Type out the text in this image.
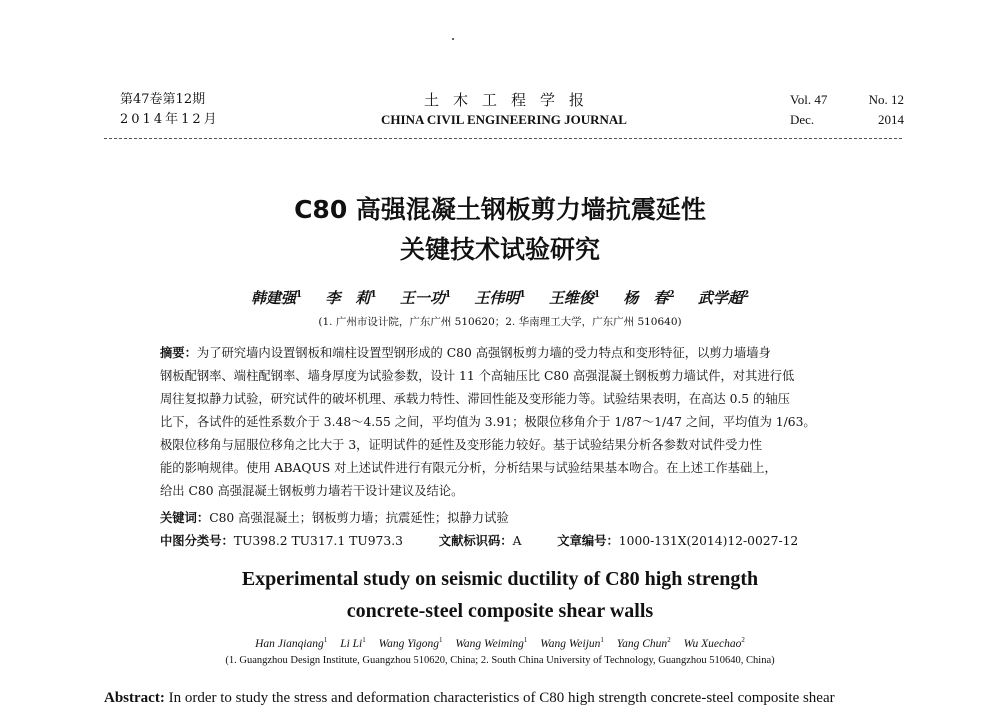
第47卷第12期
2014年12月
土木工程学报
CHINA CIVIL ENGINEERING JOURNAL
Vol. 47	No. 12
Dec.	2014
C80 高强混凝土钢板剪力墙抗震延性
关键技术试验研究
韩建强$^1$ 李　莉$^1$ 王一功$^1$ 王伟明$^1$ 王维俊$^1$ 杨　春$^2$ 武学超$^2$
(1. 广州市设计院，广东广州 510620；2. 华南理工大学，广东广州 510640)
摘要：为了研究墙内设置钢板和端柱设置型钢形成的 C80 高强钢板剪力墙的受力特点和变形特征，以剪力墙墙身
钢板配钢率、端柱配钢率、墙身厚度为试验参数，设计 11 个高轴压比 C80 高强混凝土钢板剪力墙试件，对其进行低
周往复拟静力试验，研究试件的破坏机理、承载力特性、滞回性能及变形能力等。试验结果表明，在高达 0.5 的轴压
比下，各试件的延性系数介于 3.48～4.55 之间，平均值为 3.91；极限位移角介于 1/87～1/47 之间，平均值为 1/63。
极限位移角与屈服位移角之比大于 3，证明试件的延性及变形能力较好。基于试验结果分析各参数对试件受力性
能的影响规律。使用 ABAQUS 对上述试件进行有限元分析，分析结果与试验结果基本吻合。在上述工作基础上，
给出 C80 高强混凝土钢板剪力墙若干设计建议及结论。
关键词：C80 高强混凝土；钢板剪力墙；抗震延性；拟静力试验
中图分类号：TU398.2 TU317.1 TU973.3	文献标识码：A	文章编号：1000-131X(2014)12-0027-12
Experimental study on seismic ductility of C80 high strength
concrete-steel composite shear walls
Han Jianqiang$^1$ Li Li$^1$ Wang Yigong$^1$ Wang Weiming$^1$ Wang Weijun$^1$ Yang Chun$^2$ Wu Xuechao$^2$
(1. Guangzhou Design Institute, Guangzhou 510620, China; 2. South China University of Technology, Guangzhou 510640, China)
Abstract: In order to study the stress and deformation characteristics of C80 high strength concrete-steel composite shear
